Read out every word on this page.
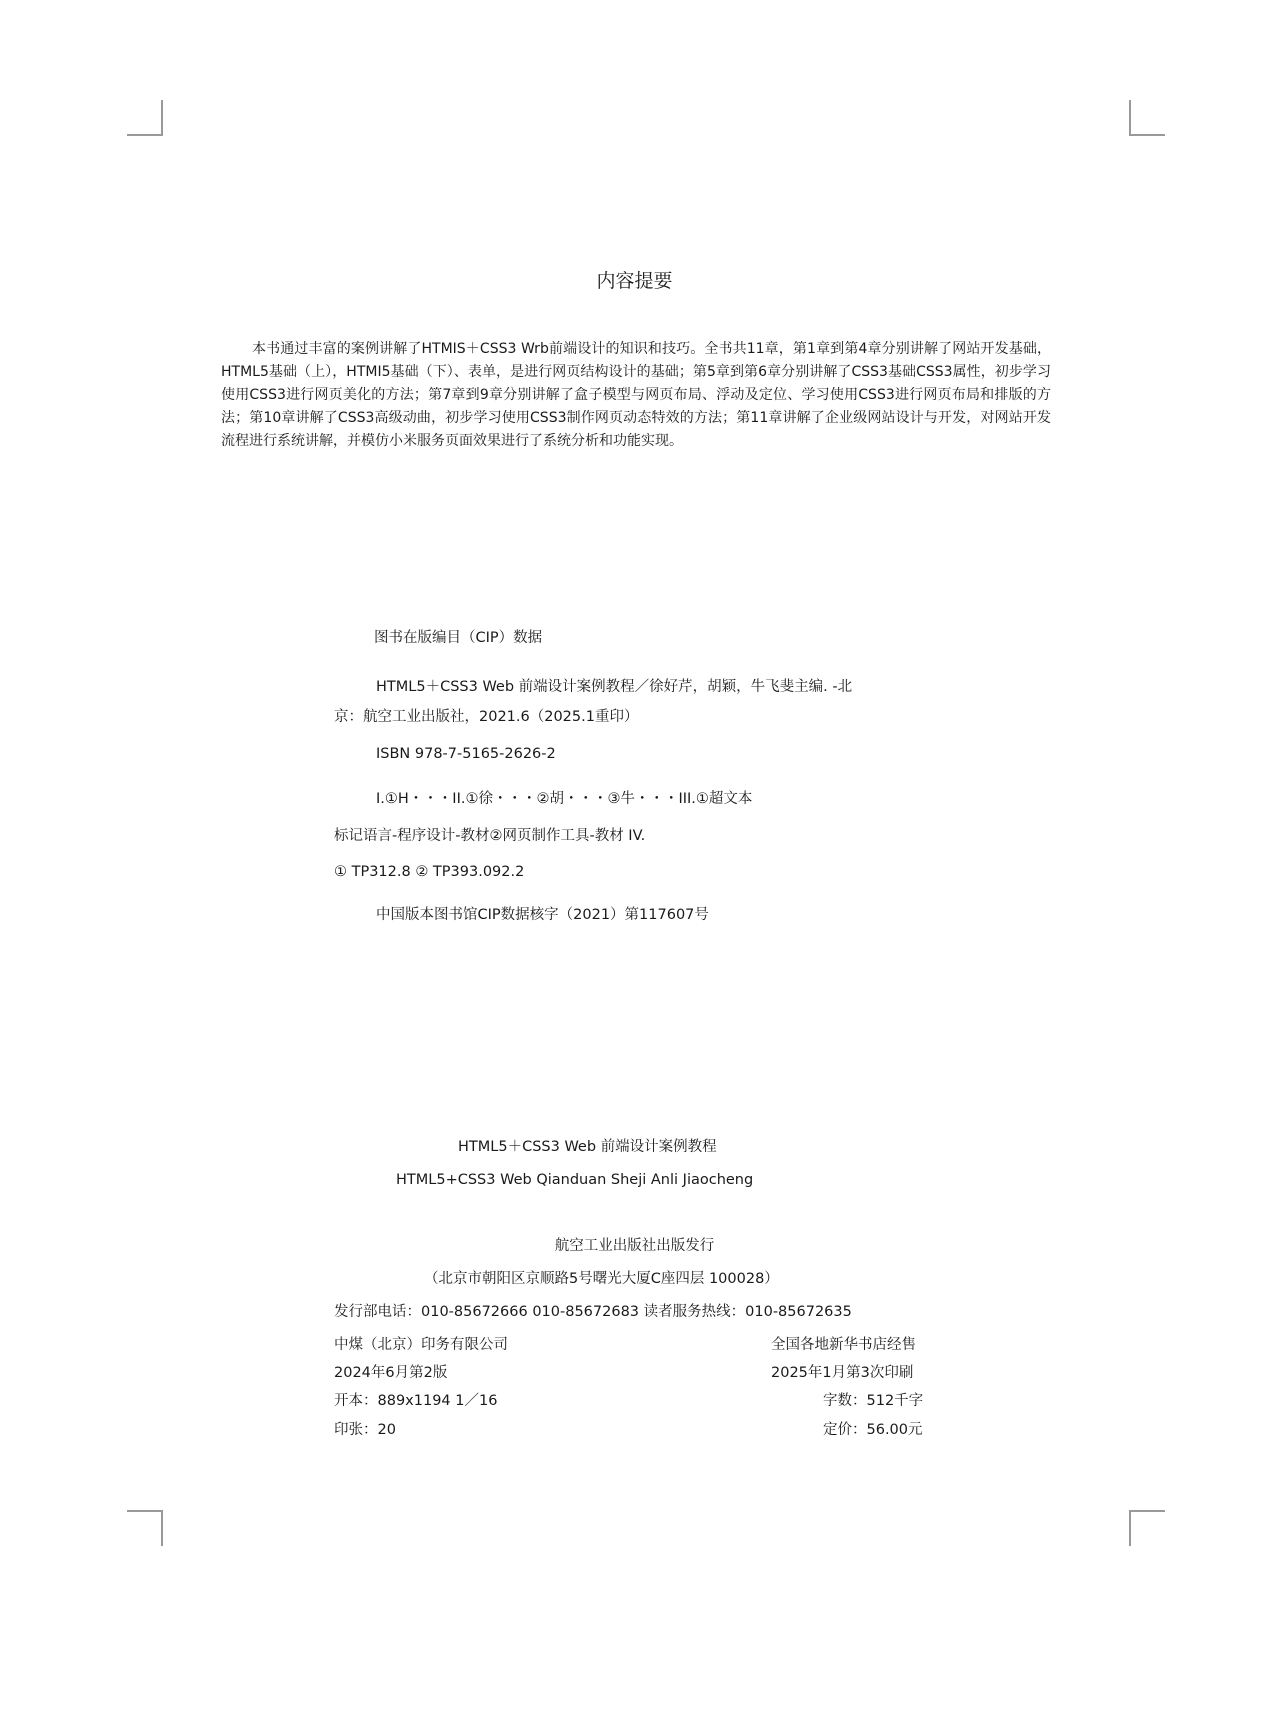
内容提要
本书通过丰富的案例讲解了HTMIS＋CSS3 Wrb前端设计的知识和技巧。全书共11章，第1章到第4章分别讲解了网站开发基础，HTML5基础（上），HTMI5基础（下）、表单，是进行网页结构设计的基础；第5章到第6章分别讲解了CSS3基础CSS3属性，初步学习使用CSS3进行网页美化的方法；第7章到9章分别讲解了盒子模型与网页布局、浮动及定位、学习使用CSS3进行网页布局和排版的方法；第10章讲解了CSS3高级动曲，初步学习使用CSS3制作网页动态特效的方法；第11章讲解了企业级网站设计与开发，对网站开发流程进行系统讲解，并模仿小米服务页面效果进行了系统分析和功能实现。
图书在版编目（CIP）数据
HTML5＋CSS3 Web 前端设计案例教程／徐好芹，胡颖，牛飞斐主编. -北
京：航空工业出版社，2021.6（2025.1重印）
ISBN 978-7-5165-2626-2
I.①H・・・II.①徐・・・②胡・・・③牛・・・III.①超文本
标记语言-程序设计-教材②网页制作工具-教材 IV.
① TP312.8 ② TP393.092.2
中国版本图书馆CIP数据核字（2021）第117607号
HTML5＋CSS3 Web 前端设计案例教程
HTML5+CSS3 Web Qianduan Sheji Anli Jiaocheng
航空工业出版社出版发行
（北京市朝阳区京顺路5号曙光大厦C座四层 100028）
发行部电话：010-85672666 010-85672683 读者服务热线：010-85672635
中煤（北京）印务有限公司	全国各地新华书店经售
2024年6月第2版	2025年1月第3次印刷
开本：889x1194 1／16	字数：512千字
印张：20	定价：56.00元
